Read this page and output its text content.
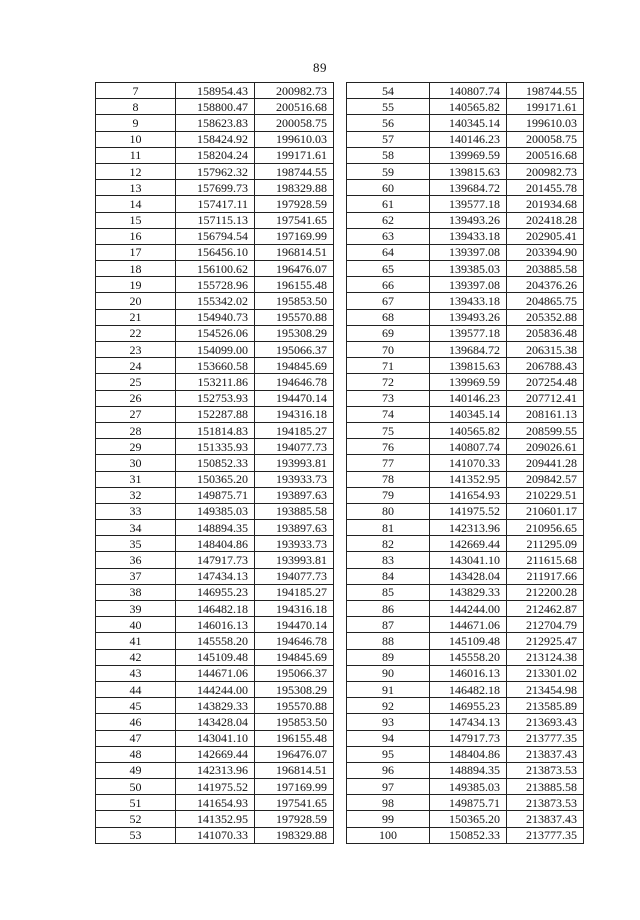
89
7	158954.43	200982.73
8	158800.47	200516.68
9	158623.83	200058.75
10	158424.92	199610.03
11	158204.24	199171.61
12	157962.32	198744.55
13	157699.73	198329.88
14	157417.11	197928.59
15	157115.13	197541.65
16	156794.54	197169.99
17	156456.10	196814.51
18	156100.62	196476.07
19	155728.96	196155.48
20	155342.02	195853.50
21	154940.73	195570.88
22	154526.06	195308.29
23	154099.00	195066.37
24	153660.58	194845.69
25	153211.86	194646.78
26	152753.93	194470.14
27	152287.88	194316.18
28	151814.83	194185.27
29	151335.93	194077.73
30	150852.33	193993.81
31	150365.20	193933.73
32	149875.71	193897.63
33	149385.03	193885.58
34	148894.35	193897.63
35	148404.86	193933.73
36	147917.73	193993.81
37	147434.13	194077.73
38	146955.23	194185.27
39	146482.18	194316.18
40	146016.13	194470.14
41	145558.20	194646.78
42	145109.48	194845.69
43	144671.06	195066.37
44	144244.00	195308.29
45	143829.33	195570.88
46	143428.04	195853.50
47	143041.10	196155.48
48	142669.44	196476.07
49	142313.96	196814.51
50	141975.52	197169.99
51	141654.93	197541.65
52	141352.95	197928.59
53	141070.33	198329.88
54	140807.74	198744.55
55	140565.82	199171.61
56	140345.14	199610.03
57	140146.23	200058.75
58	139969.59	200516.68
59	139815.63	200982.73
60	139684.72	201455.78
61	139577.18	201934.68
62	139493.26	202418.28
63	139433.18	202905.41
64	139397.08	203394.90
65	139385.03	203885.58
66	139397.08	204376.26
67	139433.18	204865.75
68	139493.26	205352.88
69	139577.18	205836.48
70	139684.72	206315.38
71	139815.63	206788.43
72	139969.59	207254.48
73	140146.23	207712.41
74	140345.14	208161.13
75	140565.82	208599.55
76	140807.74	209026.61
77	141070.33	209441.28
78	141352.95	209842.57
79	141654.93	210229.51
80	141975.52	210601.17
81	142313.96	210956.65
82	142669.44	211295.09
83	143041.10	211615.68
84	143428.04	211917.66
85	143829.33	212200.28
86	144244.00	212462.87
87	144671.06	212704.79
88	145109.48	212925.47
89	145558.20	213124.38
90	146016.13	213301.02
91	146482.18	213454.98
92	146955.23	213585.89
93	147434.13	213693.43
94	147917.73	213777.35
95	148404.86	213837.43
96	148894.35	213873.53
97	149385.03	213885.58
98	149875.71	213873.53
99	150365.20	213837.43
100	150852.33	213777.35
